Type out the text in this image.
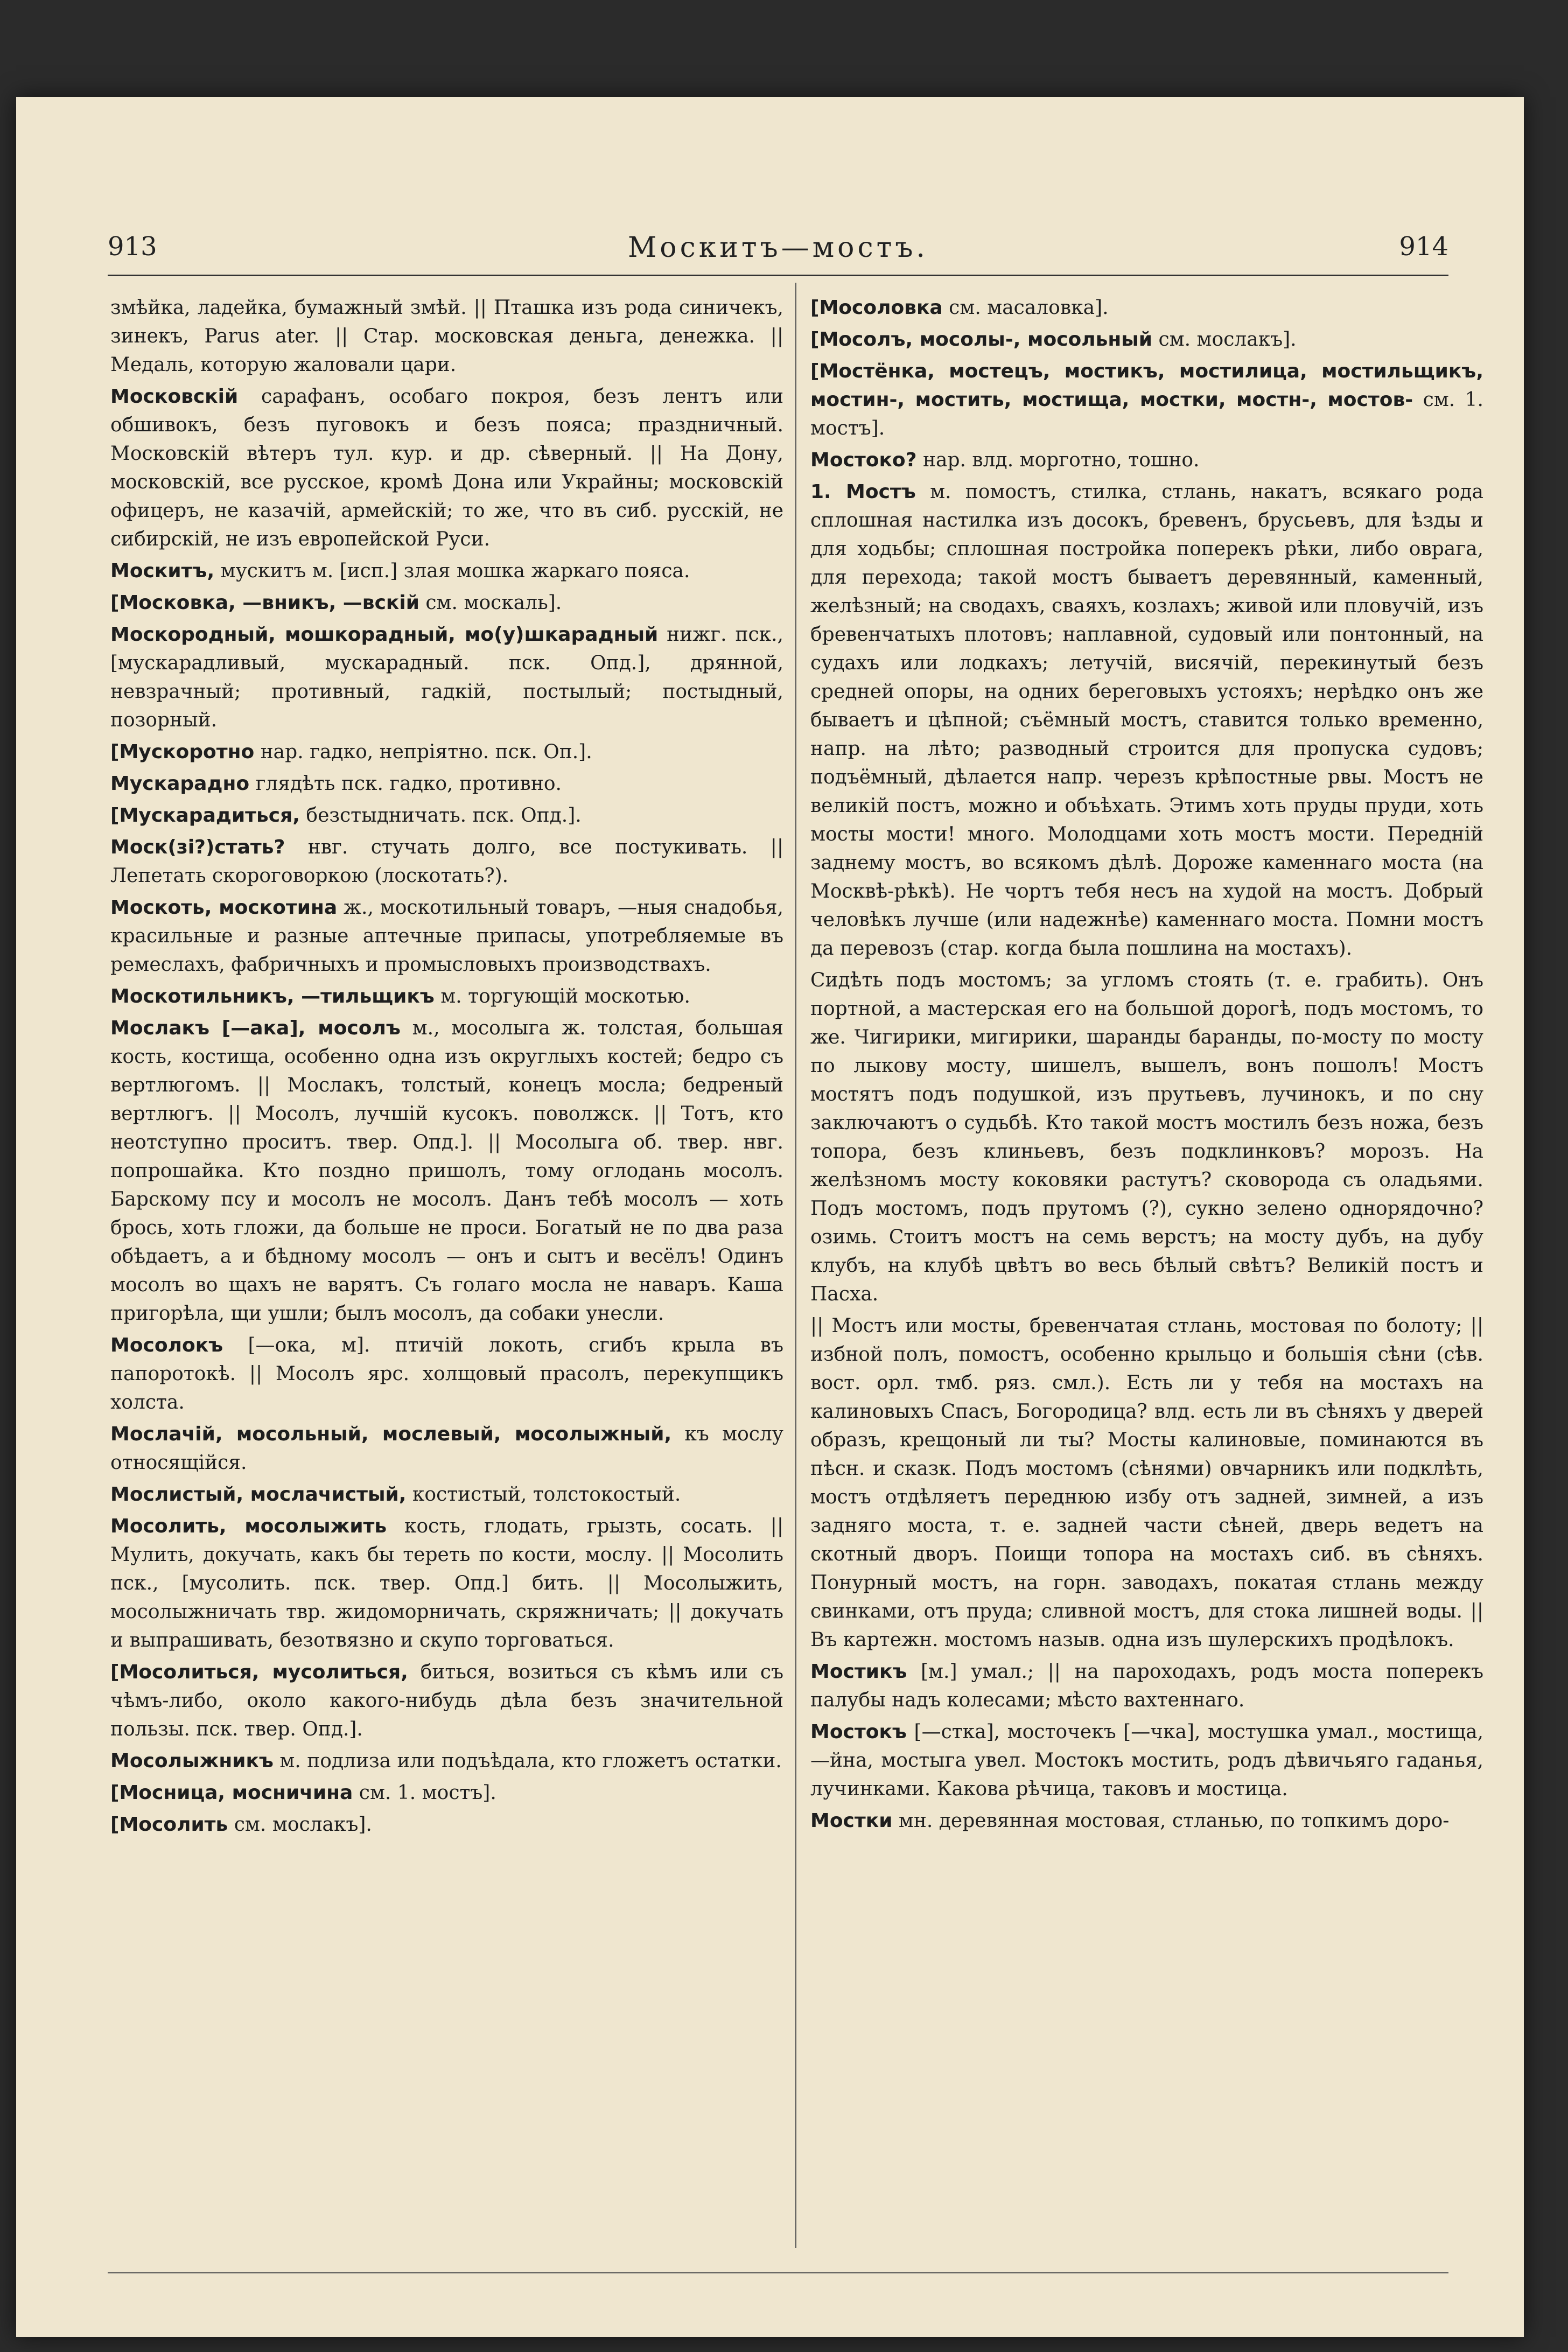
913	Москитъ—мостъ.	914

змѣйка, ладейка, бумажный змѣй. || Пташка изъ рода синичекъ, зинекъ, Parus ater. || Стар. московская деньга, денежка. || Медаль, которую жаловали цари.

Московскій сарафанъ, особаго покроя, безъ лентъ или обшивокъ, безъ пуговокъ и безъ пояса; праздничный. Московскій вѣтеръ тул. кур. и др. сѣверный. || На Дону, московскій, все русское, кромѣ Дона или Украйны; московскій офицеръ, не казачій, армейскій; то же, что въ сиб. русскій, не сибирскій, не изъ европейской Руси.

Москитъ, мускитъ м. [исп.] злая мошка жаркаго пояса.

[Московка, —вникъ, —вскій см. москаль].

Москородный, мошкорадный, мо(у)шкарадный нижг. пск., [мускарадливый, мускарадный. пск. Опд.], дрянной, невзрачный; противный, гадкій, постылый; постыдный, позорный.

[Мускоротно нар. гадко, непріятно. пск. Оп.].

Мускарадно глядѣть пск. гадко, противно.

[Мускарадиться, безстыдничать. пск. Опд.].

Моск(зі?)стать? нвг. стучать долго, все постукивать. || Лепетать скороговоркою (лоскотать?).

Москоть, москотина ж., москотильный товаръ, —ныя снадобья, красильные и разные аптечные припасы, употребляемые въ ремеслахъ, фабричныхъ и промысловыхъ производствахъ.

Москотильникъ, —тильщикъ м. торгующій москотью.

Мослакъ [—ака], мосолъ м., мосолыга ж. толстая, большая кость, костища, особенно одна изъ округлыхъ костей; бедро съ вертлюгомъ. || Мослакъ, толстый, конецъ мосла; бедреный вертлюгъ. || Мосолъ, лучшій кусокъ. поволжск. || Тотъ, кто неотступно проситъ. твер. Опд.]. || Мосолыга об. твер. нвг. попрошайка. Кто поздно пришолъ, тому оглодань мосолъ. Барскому псу и мосолъ не мосолъ. Данъ тебѣ мосолъ — хоть брось, хоть гложи, да больше не проси. Богатый не по два раза обѣдаетъ, а и бѣдному мосолъ — онъ и сытъ и весёлъ! Одинъ мосолъ во щахъ не варятъ. Съ голаго мосла не наваръ. Каша пригорѣла, щи ушли; былъ мосолъ, да собаки унесли.

Мосолокъ [—ока, м]. птичій локоть, сгибъ крыла въ папоротокѣ. || Мосолъ ярс. холщовый прасолъ, перекупщикъ холста.

Мослачій, мосольный, мослевый, мосолыжный, къ мослу относящійся.

Мослистый, мослачистый, костистый, толстокостый.

Мосолить, мосолыжить кость, глодать, грызть, сосать. || Мулить, докучать, какъ бы тереть по кости, мослу. || Мосолить пск., [мусолить. пск. твер. Опд.] бить. || Мосолыжить, мосолыжничать твр. жидоморничать, скряжничать; || докучать и выпрашивать, безотвязно и скупо торговаться.

[Мосолиться, мусолиться, биться, возиться съ кѣмъ или съ чѣмъ-либо, около какого-нибудь дѣла безъ значительной пользы. пск. твер. Опд.].

Мосолыжникъ м. подлиза или подъѣдала, кто гложетъ остатки.

[Мосница, мосничина см. 1. мостъ].

[Мосолить см. мослакъ].

[Мосоловка см. масаловка].

[Мосолъ, мосолы-, мосольный см. мослакъ].

[Мостёнка, мостецъ, мостикъ, мостилица, мостильщикъ, мостин-, мостить, мостища, мостки, мостн-, мостов- см. 1. мостъ].

Мостоко? нар. влд. морготно, тошно.

1. Мостъ м. помостъ, стилка, стлань, накатъ, всякаго рода сплошная настилка изъ досокъ, бревенъ, брусьевъ, для ѣзды и для ходьбы; сплошная постройка поперекъ рѣки, либо оврага, для перехода; такой мостъ бываетъ деревянный, каменный, желѣзный; на сводахъ, сваяхъ, козлахъ; живой или пловучій, изъ бревенчатыхъ плотовъ; наплавной, судовый или понтонный, на судахъ или лодкахъ; летучій, висячій, перекинутый безъ средней опоры, на одних береговыхъ устояхъ; нерѣдко онъ же бываетъ и цѣпной; съёмный мостъ, ставится только временно, напр. на лѣто; разводный строится для пропуска судовъ; подъёмный, дѣлается напр. черезъ крѣпостные рвы. Мостъ не великій постъ, можно и объѣхать. Этимъ хоть пруды пруди, хоть мосты мости! много. Молодцами хоть мостъ мости. Передній заднему мостъ, во всякомъ дѣлѣ. Дороже каменнаго моста (на Москвѣ-рѣкѣ). Не чортъ тебя несъ на худой на мостъ. Добрый человѣкъ лучше (или надежнѣе) каменнаго моста. Помни мостъ да перевозъ (стар. когда была пошлина на мостахъ).

Сидѣть подъ мостомъ; за угломъ стоять (т. е. грабить). Онъ портной, а мастерская его на большой дорогѣ, подъ мостомъ, то же. Чигирики, мигирики, шаранды баранды, по-мосту по мосту по лыкову мосту, шишелъ, вышелъ, вонъ пошолъ! Мостъ мостятъ подъ подушкой, изъ прутьевъ, лучинокъ, и по сну заключаютъ о судьбѣ. Кто такой мостъ мостилъ безъ ножа, безъ топора, безъ клиньевъ, безъ подклинковъ? морозъ. На желѣзномъ мосту коковяки растутъ? сковорода съ оладьями. Подъ мостомъ, подъ прутомъ (?), сукно зелено однорядочно? озимь. Стоитъ мостъ на семь верстъ; на мосту дубъ, на дубу клубъ, на клубѣ цвѣтъ во весь бѣлый свѣтъ? Великій постъ и Пасха.

|| Мостъ или мосты, бревенчатая стлань, мостовая по болоту; || избной полъ, помостъ, особенно крыльцо и большія сѣни (сѣв. вост. орл. тмб. ряз. смл.). Есть ли у тебя на мостахъ на калиновыхъ Спасъ, Богородица? влд. есть ли въ сѣняхъ у дверей образъ, крещоный ли ты? Мосты калиновые, поминаются въ пѣсн. и сказк. Подъ мостомъ (сѣнями) овчарникъ или подклѣть, мостъ отдѣляетъ переднюю избу отъ задней, зимней, а изъ задняго моста, т. е. задней части сѣней, дверь ведетъ на скотный дворъ. Поищи топора на мостахъ сиб. въ сѣняхъ. Понурный мостъ, на горн. заводахъ, покатая стлань между свинками, отъ пруда; сливной мостъ, для стока лишней воды. || Въ картежн. мостомъ назыв. одна изъ шулерскихъ продѣлокъ.

Мостикъ [м.] умал.; || на пароходахъ, родъ моста поперекъ палубы надъ колесами; мѣсто вахтеннаго.

Мостокъ [—стка], мосточекъ [—чка], мостушка умал., мостища, —йна, мостыга увел. Мостокъ мостить, родъ дѣвичьяго гаданья, лучинками. Какова рѣчица, таковъ и мостица.

Мостки мн. деревянная мостовая, стланью, по топкимъ доро-
